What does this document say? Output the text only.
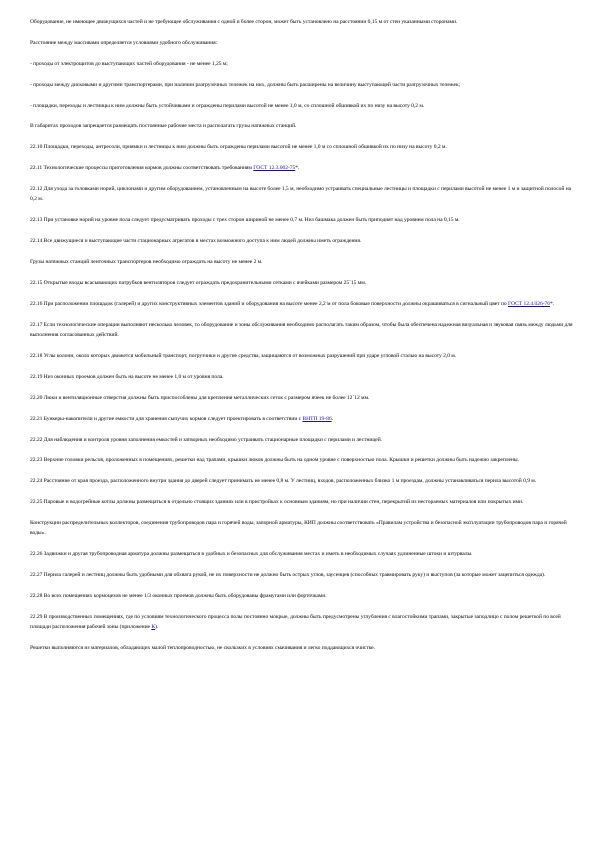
Оборудование, не имеющее движущихся частей и не требующее обслуживания с одной и более сторон, может быть установлено на расстоянии 0,15 м от стен указанными сторонами.

Расстояние между массивами определяется условиями удобного обслуживания:

- проходы от электрощитов до выступающих частей оборудования - не менее 1,25 м;

- проходы между дисковыми и другими транспортерами, при наличии разгрузочных тележек на них, должны быть расширены на величину выступающей части разгрузочных тележек;

- площадки, переходы и лестницы к ним должны быть устойчивыми и ограждены перилами высотой не менее 1,0 м, со сплошной обшивкой их по низу на высоту 0,2 м.

В габаритах проходов запрещается размещать постоянные рабочие места и располагать грузы натяжных станций.

22.10 Площадки, переходы, антресоли, приямки и лестницы к ним должны быть ограждены перилами высотой не менее 1,0 м со сплошной обшивкой их по низу на высоту 0,2 м.

22.11 Технологические процессы приготовления кормов должны соответствовать требованиям ГОСТ 12.3.002-75*.

22.12 Для ухода за головками норий, циклонами и другим оборудованием, установленным на высоте более 1,5 м, необходимо устраивать специальные лестницы и площадки с перилами высотой не менее 1 м и защитной полосой на 0,2 м.

22.13 При установке норий на уровне пола следует предусматривать проходы с трех сторон шириной не менее 0,7 м. Низ башмака должен быть приподнят над уровнем пола на 0,15 м.

22.14 Все движущиеся и выступающие части стационарных агрегатов в местах возможного доступа к ним людей должны иметь ограждения.

Грузы натяжных станций ленточных транспортеров необходимо ограждать на высоту не менее 2 м.

22.15 Открытые входы всасывающих патрубков вентиляторов следует ограждать предохранительными сетками с ячейками размером 25´15 мм.

22.16 При расположении площадок (галерей) и других конструктивных элементов зданий и оборудования на высоте менее 2,2 м от пола боковые поверхности должны окрашиваться в сигнальный цвет по ГОСТ 12.4.026-76*.

22.17 Если технологические операции выполняют несколько человек, то оборудование и зоны обслуживания необходимо располагать таким образом, чтобы была обеспечена надежная визуальная и звуковая связь между людьми для выполнения согласованных действий.

22.18 Углы колонн, около которых движется мобильный транспорт, погрузчики и другие средства, защищаются от возможных разрушений при ударе угловой сталью на высоту 2,0 м.

22.19 Низ оконных проемов должен быть на высоте не менее 1,0 м от уровня пола.

22.20 Люки и вентиляционные отверстия должны быть приспособлены для крепления металлических сеток с размером ячеек не более 12´12 мм.

22.21 Бункеры-накопители и другие емкости для хранения сыпучих кормов следует проектировать в соответствии с ВНТП 19-86.

22.22 Для наблюдения и контроля уровня заполнения емкостей и затворных необходимо устраивать стационарные площадки с перилами и лестницей.

22.23 Верхние головки рельсов, проложенных в помещениях, решетки над трапами, крышки люков должны быть на одном уровне с поверхностью пола. Крышки и решетки должны быть надежно закреплены.

22.24 Расстояние от края проезда, расположенного внутри здания до дверей следует принимать не менее 0,8 м. У лестниц, входов, расположенных близко 1 м проездам, должны устанавливаться перила высотой 0,9 м.

22.25 Паровые и водогрейные котлы должны размещаться в отдельно стоящих зданиях или в пристройках к основным зданиям, но при наличии стен, перекрытий из несгораемых материалов или покрытых ими.

Конструкции распределительных коллекторов, соединения трубопроводов пара и горячей воды, запорной арматуры, КИП должны соответствовать «Правилам устройства и безопасной эксплуатации трубопроводов пара и горячей воды».

22.26 Задвижки и другая трубопроводная арматура должны размещаться в удобных и безопасных для обслуживания местах и иметь в необходимых случаях удлиненные штоки и штурвалы.

22.27 Перила галерей и лестниц должны быть удобными для обхвата рукой, не их поверхности не должно быть острых углов, заусенцев (способных травмировать руку) и выступов (за которые может зацепиться одежда).

22.28 Во всех помещениях кормоцехов не менее 1/3 оконных проемов должны быть оборудованы фрамугами или форточками.

22.29 В производственных помещениях, где по условиям технологического процесса полы постоянно мокрые, должны быть предусмотрены углубления с влагостойкими трапами, закрытые заподлицо с полом решеткой по всей площади расположения рабочей зоны (приложение К).

Решетки выполняются из материалов, обладающих малой теплопроводностью, не скользких в условиях смачивания и легко поддающихся очистке.
